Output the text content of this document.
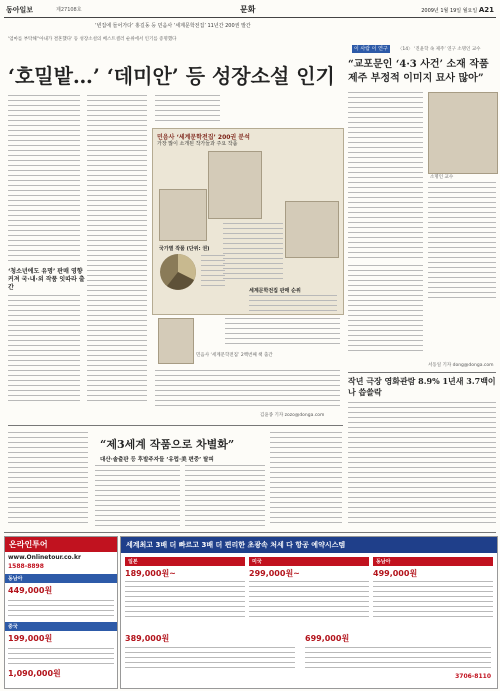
동아일보	제27108호	문화	2009년 1월 19일 월요일 A21
‘빈집에 들어가다’ 홍길동 등 민음사 ‘세계문학전집’ 11년간 200권 발간
'엄마를 부탁해''아내가 결혼했다' 등 성장소설의 베스트셀러 순위에서 인기를 증명했다
‘호밀밭…’ ‘데미안’ 등 성장소설 인기
이 사람 이 연구 〈14〉 ‘진윤학 속 제주’ 연구 소명인 교수
“교포문인 ‘4·3 사건’ 소재 작품
제주 부정적 이미지 묘사 많아”
‘청소년에도 유명’ 판매 영향 커져 국·내·외 작품 잇따라 출간
민음사 ‘세계문학전집’ 200권 분석
가장 많이 소개된 작가들과 주요 작품
국가별 작품 (단위: 권)
세계문학전집 판매 순위
민음사 ‘세계문학전집’ 2백번째 책 출간
김윤종 기자 zozo@donga.com
소명인 교수
서동일 기자 dong@donga.com
작년 극장 영화관람 8.9% 1년새 3.7백이나 씁쓸락
“제3세계 작품으로 차별화”
대산·솔출판 등 후발주자들 ‘유럽·美 편중’ 탈피
온라인투어
www.Onlinetour.co.kr
1588-8898
동남아
449,000원
중국
199,000원
1,090,000원
세계최고 3배 더 빠르고 3배 더 편리한 초광속 처세 다 항공 예약시스템
일본
189,000원~
미국
299,000원~
동남아
499,000원
389,000원	699,000원
3706-8110
